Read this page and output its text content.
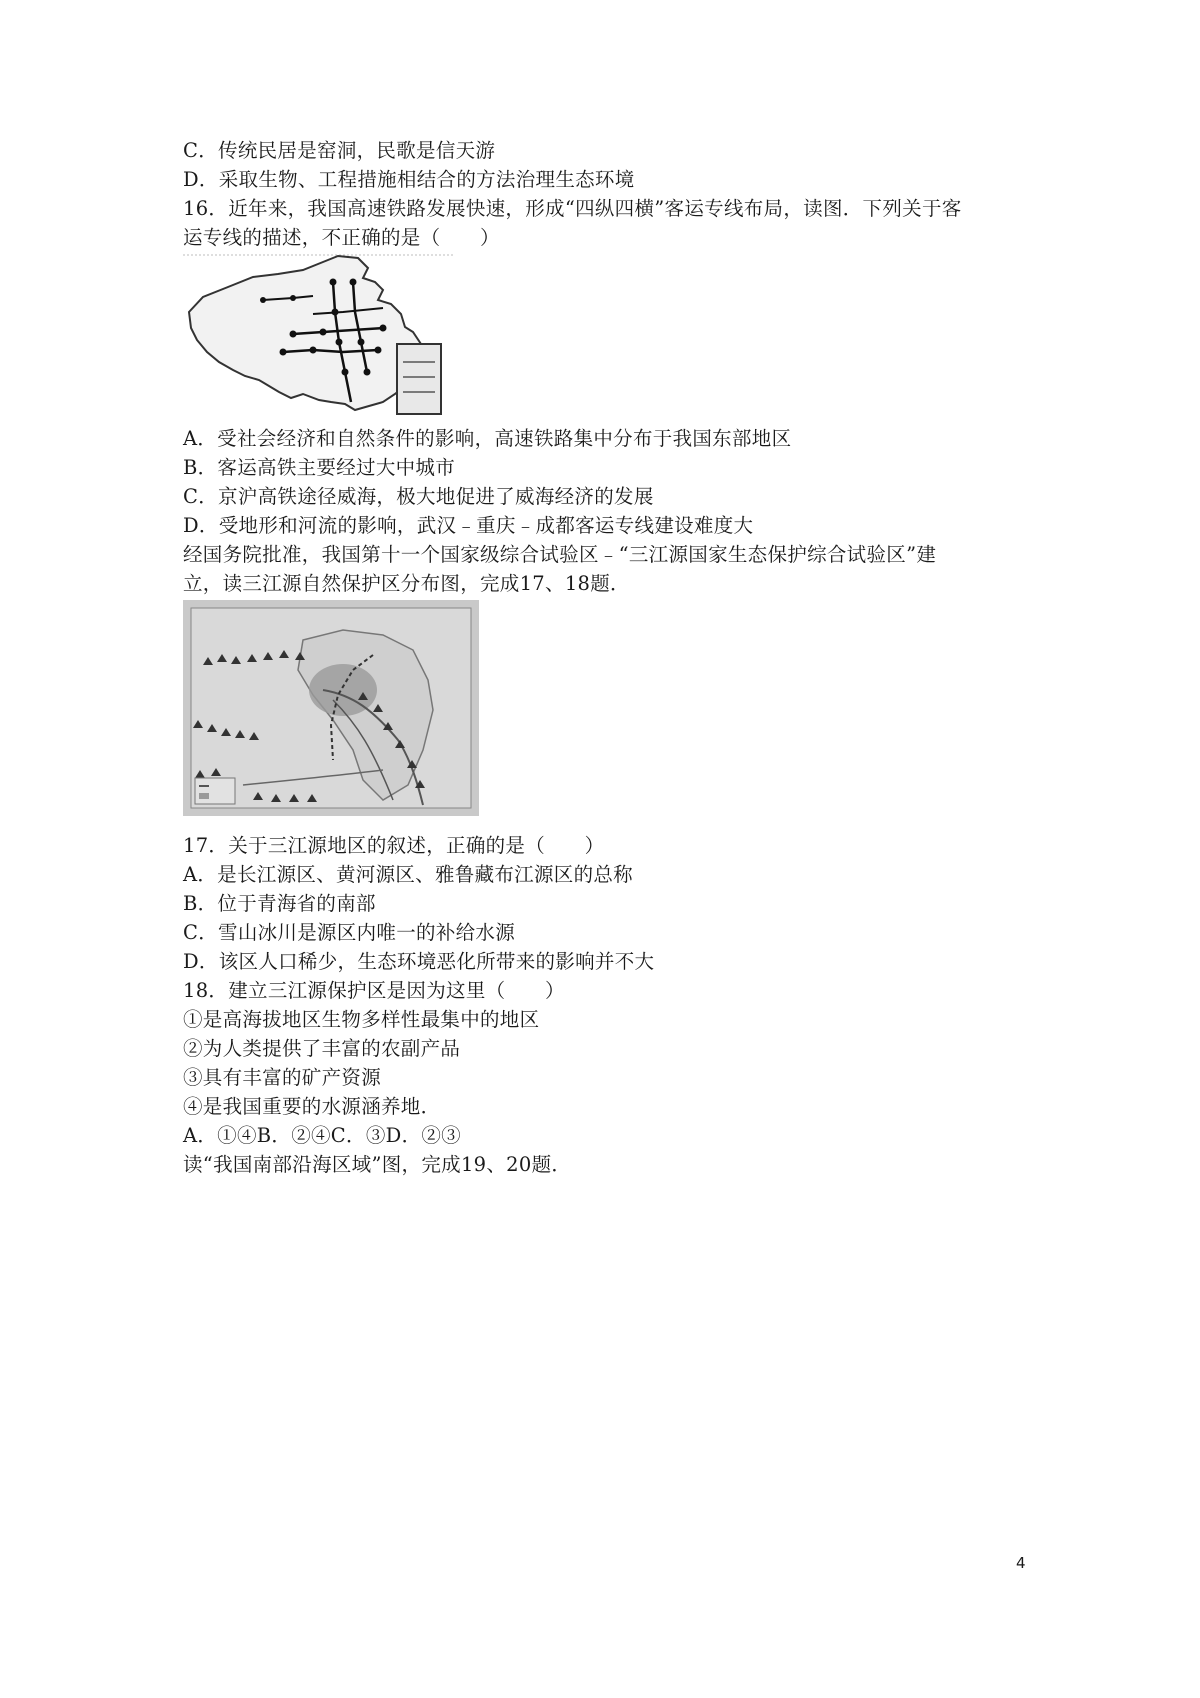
C．传统民居是窑洞，民歌是信天游
D．采取生物、工程措施相结合的方法治理生态环境
16．近年来，我国高速铁路发展快速，形成“四纵四横”客运专线布局，读图．下列关于客
运专线的描述，不正确的是（　　）
A．受社会经济和自然条件的影响，高速铁路集中分布于我国东部地区
B．客运高铁主要经过大中城市
C．京沪高铁途径威海，极大地促进了威海经济的发展
D．受地形和河流的影响，武汉﹣重庆﹣成都客运专线建设难度大
经国务院批准，我国第十一个国家级综合试验区﹣“三江源国家生态保护综合试验区”建
立，读三江源自然保护区分布图，完成17、18题．
17．关于三江源地区的叙述，正确的是（　　）
A．是长江源区、黄河源区、雅鲁藏布江源区的总称
B．位于青海省的南部
C．雪山冰川是源区内唯一的补给水源
D．该区人口稀少，生态环境恶化所带来的影响并不大
18．建立三江源保护区是因为这里（　　）
①是高海拔地区生物多样性最集中的地区
②为人类提供了丰富的农副产品
③具有丰富的矿产资源
④是我国重要的水源涵养地．
A．①④B．②④C．③D．②③
读“我国南部沿海区域”图，完成19、20题．
4
